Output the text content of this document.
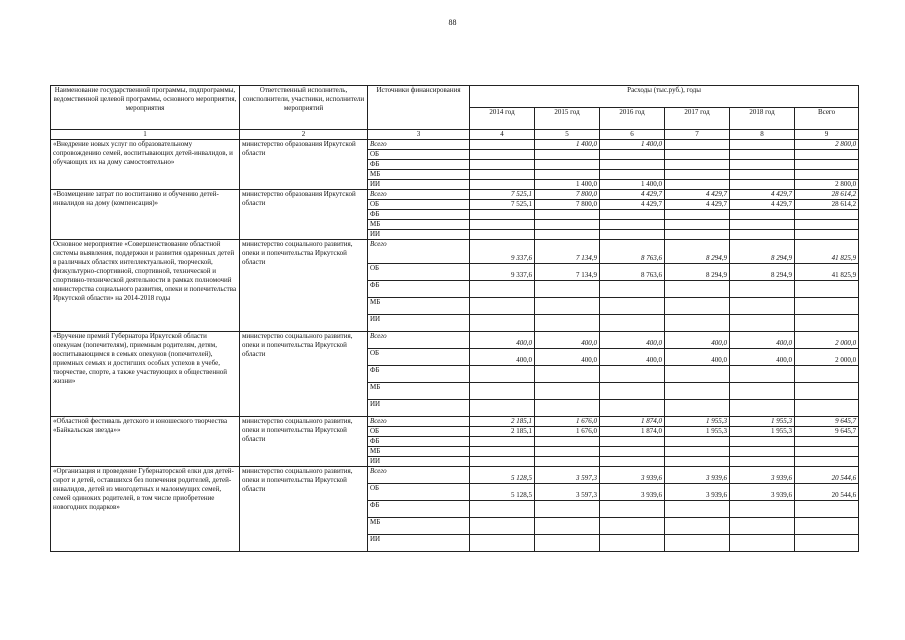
88
Наименование государственной программы, подпрограммы, ведомственной целевой программы, основного мероприятия, мероприятия	Ответственный исполнитель, соисполнители, участники, исполнители мероприятий	Источники финансирования	Расходы (тыс.руб.), годы					
			2014 год	2015 год	2016 год	2017 год	2018 год	Всего
1	2	3	4	5	6	7	8	9
«Внедрение новых услуг по образовательному сопровождению семей, воспитывающих детей-инвалидов, и обучающих их на дому самостоятельно»	министерство образования Иркутской области	Всего		1 400,0	1 400,0			2 800,0
		ОБ						
		ФБ						
		МБ						
		ИИ		1 400,0	1 400,0			2 800,0
«Возмещение затрат по воспитанию и обучению детей-инвалидов на дому (компенсация)»	министерство образования Иркутской области	Всего	7 525,1	7 800,0	4 429,7	4 429,7	4 429,7	28 614,2
		ОБ	7 525,1	7 800,0	4 429,7	4 429,7	4 429,7	28 614,2
		ФБ						
		МБ						
		ИИ						
Основное мероприятие «Совершенствование областной системы выявления, поддержки и развития одаренных детей в различных областях интеллектуальной, творческой, физкультурно-спортивной, спортивной, технической и спортивно-технической деятельности в рамках полномочий министерства социального развития, опеки и попечительства Иркутской области» на 2014-2018 годы	министерство социального развития, опеки и попечительства Иркутской области	Всего	9 337,6	7 134,9	8 763,6	8 294,9	8 294,9	41 825,9
		ОБ	9 337,6	7 134,9	8 763,6	8 294,9	8 294,9	41 825,9
		ФБ						
		МБ						
		ИИ						
«Вручение премий Губернатора Иркутской области опекунам (попечителям), приемным родителям, детям, воспитывающимся в семьях опекунов (попечителей), приемных семьях и достигших особых успехов в учебе, творчестве, спорте, а также участвующих в общественной жизни»	министерство социального развития, опеки и попечительства Иркутской области	Всего	400,0	400,0	400,0	400,0	400,0	2 000,0
		ОБ	400,0	400,0	400,0	400,0	400,0	2 000,0
		ФБ						
		МБ						
		ИИ						
«Областной фестиваль детского и юношеского творчества «Байкальская звезда»»	министерство социального развития, опеки и попечительства Иркутской области	Всего	2 185,1	1 676,0	1 874,0	1 955,3	1 955,3	9 645,7
		ОБ	2 185,1	1 676,0	1 874,0	1 955,3	1 955,3	9 645,7
		ФБ						
		МБ						
		ИИ						
«Организация и проведение Губернаторской елки для детей-сирот и детей, оставшихся без попечения родителей, детей-инвалидов, детей из многодетных и малоимущих семей, семей одиноких родителей, в том числе приобретение новогодних подарков»	министерство социального развития, опеки и попечительства Иркутской области	Всего	5 128,5	3 597,3	3 939,6	3 939,6	3 939,6	20 544,6
		ОБ	5 128,5	3 597,3	3 939,6	3 939,6	3 939,6	20 544,6
		ФБ						
		МБ						
		ИИ						
